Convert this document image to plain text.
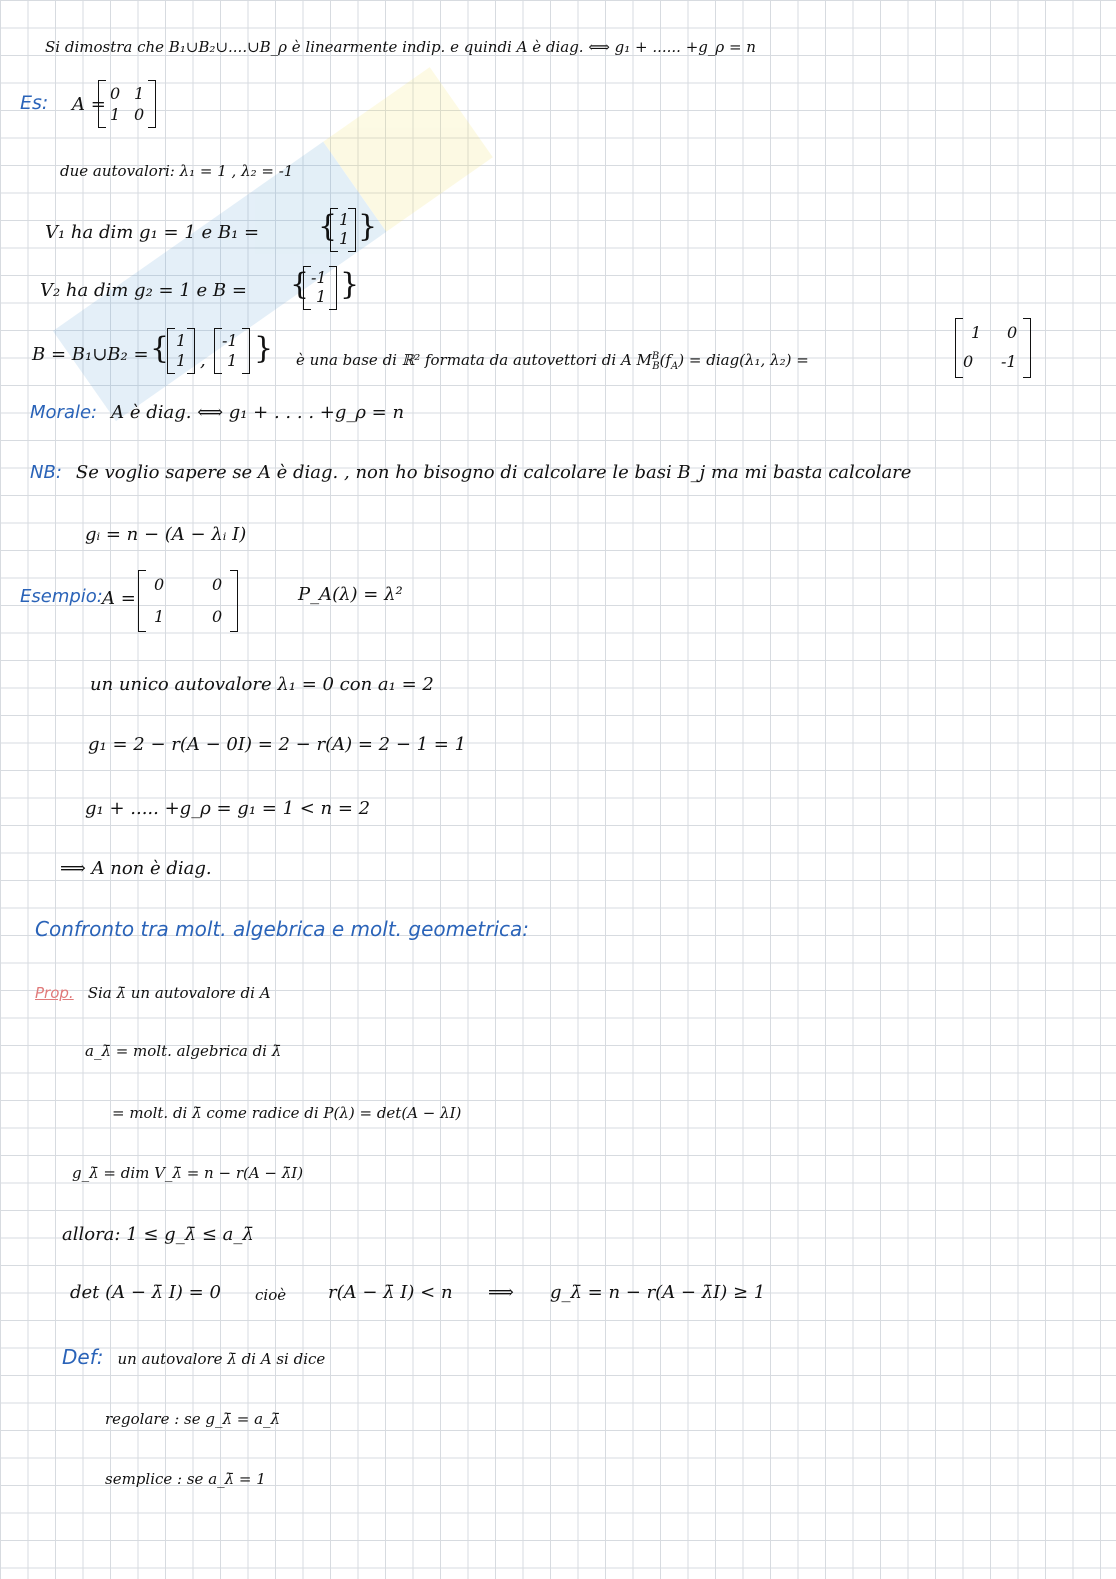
Si dimostra che B₁∪B₂∪....∪B_ρ è linearmente indip. e quindi A è diag. ⟺ g₁ + ...... +g_ρ = n
Es: A =
0 1
1 0
due autovalori: λ₁ = 1 , λ₂ = -1
V₁ ha dim g₁ = 1 e B₁ = { 1
1 }
V₂ ha dim g₂ = 1 e B = { -1
1 }
B = B₁∪B₂ = { 1
1 ,
-1
1 } è una base di ℝ² formata da autovettori di A $M^B_B(f_A)$ = diag(λ₁, λ₂) =
1 0
0 -1
Morale: A è diag. ⟺ g₁ + . . . . +g_ρ = n
NB: Se voglio sapere se A è diag. , non ho bisogno di calcolare le basi B_j ma mi basta calcolare
gᵢ = n − (A − λᵢ I)
Esempio: A =
0	0
1	0
P_A(λ) = λ²
un unico autovalore λ₁ = 0 con a₁ = 2
g₁ = 2 − r(A − 0I) = 2 − r(A) = 2 − 1 = 1
g₁ + ..... +g_ρ = g₁ = 1 < n = 2
⟹ A non è diag.
Confronto tra molt. algebrica e molt. geometrica:
Prop. Sia λ̄ un autovalore di A
a_λ̄ = molt. algebrica di λ̄
= molt. di λ̄ come radice di P(λ) = det(A − λI)
g_λ̄ = dim V_λ̄ = n − r(A − λ̄I)
allora: 1 ≤ g_λ̄ ≤ a_λ̄
det (A − λ̄ I) = 0 cioè r(A − λ̄ I) < n ⟹ g_λ̄ = n − r(A − λ̄I) ≥ 1
Def: un autovalore λ̄ di A si dice
regolare : se g_λ̄ = a_λ̄
semplice : se a_λ̄ = 1
